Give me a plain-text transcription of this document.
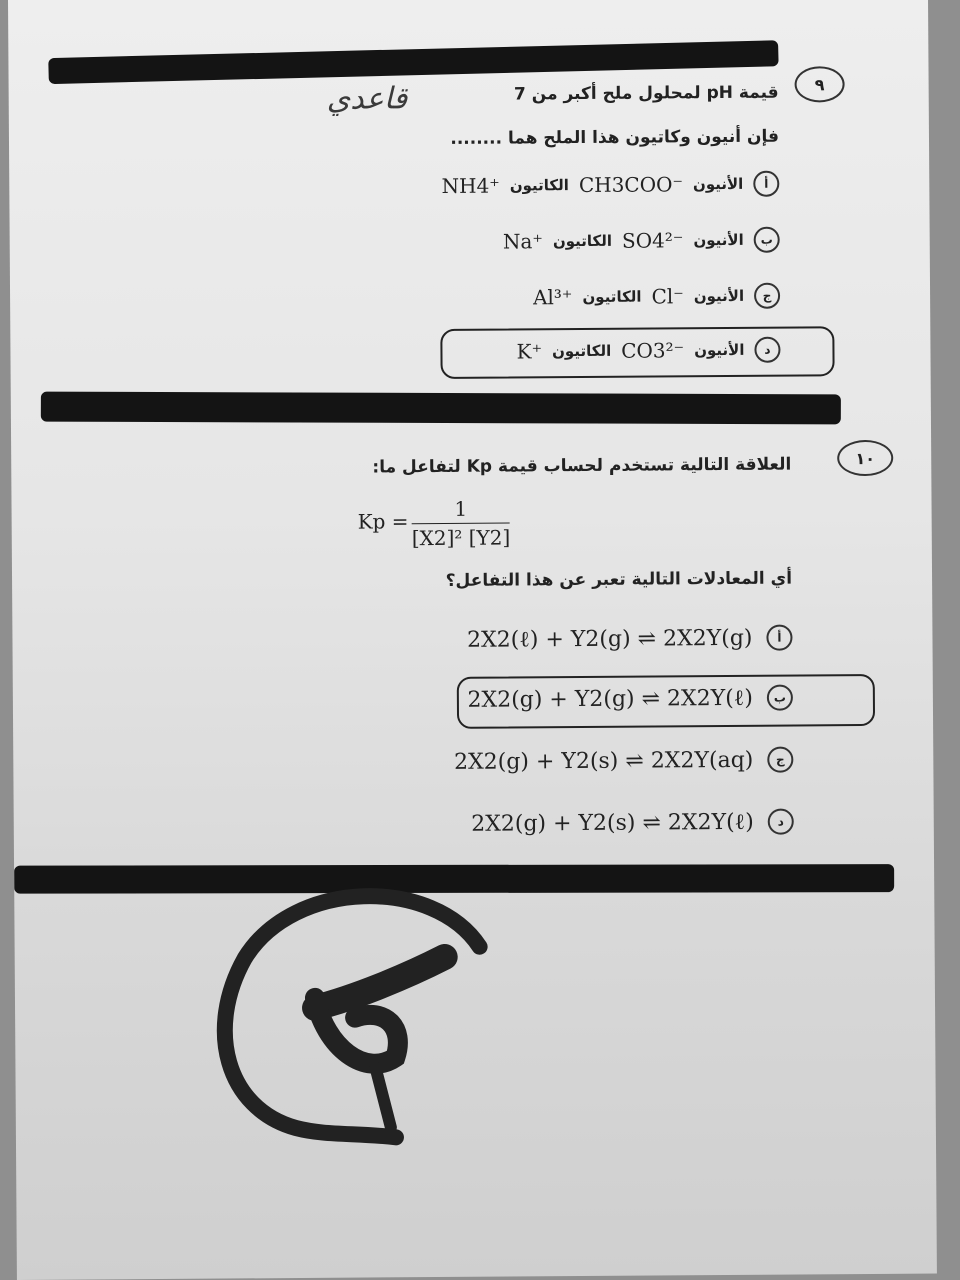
٩
قيمة pH لمحلول ملح أكبر من 7
قاعدي
فإن أنيون وكاتيون هذا الملح هما ........
NH4⁺ الكاتيون CH3COO⁻ الأنيون	أ
Na⁺ الكاتيون SO4²⁻ الأنيون	ب
Al³⁺ الكاتيون Cl⁻ الأنيون	ج
K⁺ الكاتيون CO3²⁻ الأنيون	د
١٠
العلاقة التالية تستخدم لحساب قيمة Kp لتفاعل ما:
$Kp = \frac{1}{\text{[X2]² [Y2]}}$
أي المعادلات التالية تعبر عن هذا التفاعل؟
2X2(ℓ) + Y2(g) ⇌ 2X2Y(g)	أ
2X2(g) + Y2(g) ⇌ 2X2Y(ℓ)	ب
2X2(g) + Y2(s) ⇌ 2X2Y(aq)	ج
2X2(g) + Y2(s) ⇌ 2X2Y(ℓ)	د
